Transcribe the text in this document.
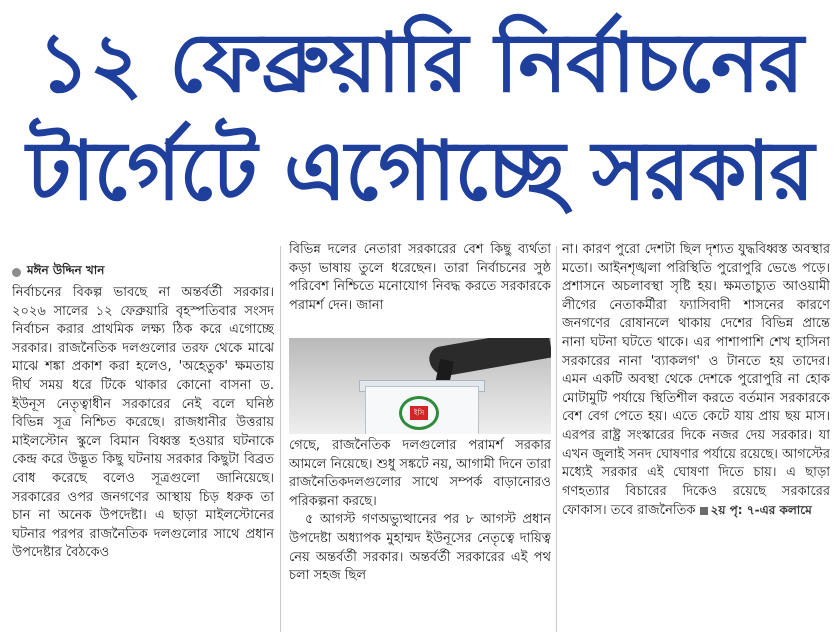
১২ ফেব্রুয়ারি নির্বাচনের
টার্গেটে এগোচ্ছে সরকার
মঈন উদ্দিন খান

নির্বাচনের বিকল্প ভাবছে না অন্তর্বর্তী সরকার। ২০২৬ সালের ১২ ফেব্রুয়ারি বৃহস্পতিবার সংসদ নির্বাচন করার প্রাথমিক লক্ষ্য ঠিক করে এগোচ্ছে সরকার। রাজনৈতিক দলগুলোর তরফ থেকে মাঝে মাঝে শঙ্কা প্রকাশ করা হলেও, 'অহেতুক' ক্ষমতায় দীর্ঘ সময় ধরে টিকে থাকার কোনো বাসনা ড. ইউনূস নেতৃত্বাধীন সরকারের নেই বলে ঘনিষ্ঠ বিভিন্ন সূত্র নিশ্চিত করেছে। রাজধানীর উত্তরায় মাইলস্টোন স্কুলে বিমান বিধ্বস্ত হওয়ার ঘটনাকে কেন্দ্র করে উদ্ভূত কিছু ঘটনায় সরকার কিছুটা বিব্রত বোধ করেছে বলেও সূত্রগুলো জানিয়েছে। সরকারের ওপর জনগণের আস্থায় চিড় ধরুক তা চান না অনেক উপদেষ্টা। এ ছাড়া মাইলস্টোনের ঘটনার পরপর রাজনৈতিক দলগুলোর সাথে প্রধান উপদেষ্টার বৈঠকেও

বিভিন্ন দলের নেতারা সরকারের বেশ কিছু ব্যর্থতা কড়া ভাষায় তুলে ধরেছেন। তারা নির্বাচনের সুষ্ঠ পরিবেশ নিশ্চিতে মনোযোগ নিবদ্ধ করতে সরকারকে পরামর্শ দেন। জানা

ইসি

গেছে, রাজনৈতিক দলগুলোর পরামর্শ সরকার আমলে নিয়েছে। শুধু সঙ্কটে নয়, আগামী দিনে তারা রাজনৈতিকদলগুলোর সাথে সম্পর্ক বাড়ানোরও পরিকল্পনা করছে।

৫ আগস্ট গণঅভ্যুত্থানের পর ৮ আগস্ট প্রধান উপদেষ্টা অধ্যাপক মুহাম্মদ ইউনূসের নেতৃত্বে দায়িত্ব নেয় অন্তর্বর্তী সরকার। অন্তর্বর্তী সরকারের এই পথ চলা সহজ ছিল

না। কারণ পুরো দেশটা ছিল দৃশ্যত যুদ্ধবিধ্বস্ত অবস্থার মতো। আইনশৃঙ্খলা পরিস্থিতি পুরোপুরি ভেঙে পড়ে। প্রশাসনে অচলাবস্থা সৃষ্টি হয়। ক্ষমতাচ্যুত আওয়ামী লীগের নেতাকর্মীরা ফ্যাসিবাদী শাসনের কারণে জনগণের রোষানলে থাকায় দেশের বিভিন্ন প্রান্তে নানা ঘটনা ঘটতে থাকে। এর পাশাপাশি শেখ হাসিনা সরকারের নানা 'ব্যাকলগ' ও টানতে হয় তাদের। এমন একটি অবস্থা থেকে দেশকে পুরোপুরি না হোক মোটামুটি পর্যায়ে স্থিতিশীল করতে বর্তমান সরকারকে বেশ বেগ পেতে হয়। এতে কেটে যায় প্রায় ছয় মাস। এরপর রাষ্ট্র সংস্কারের দিকে নজর দেয় সরকার। যা এখন জুলাই সনদ ঘোষণার পর্যায়ে রয়েছে। আগস্টের মধ্যেই সরকার এই ঘোষণা দিতে চায়। এ ছাড়া গণহত্যার বিচারের দিকেও রয়েছে সরকারের ফোকাস। তবে রাজনৈতিক ২য় পৃ: ৭-এর কলামে
